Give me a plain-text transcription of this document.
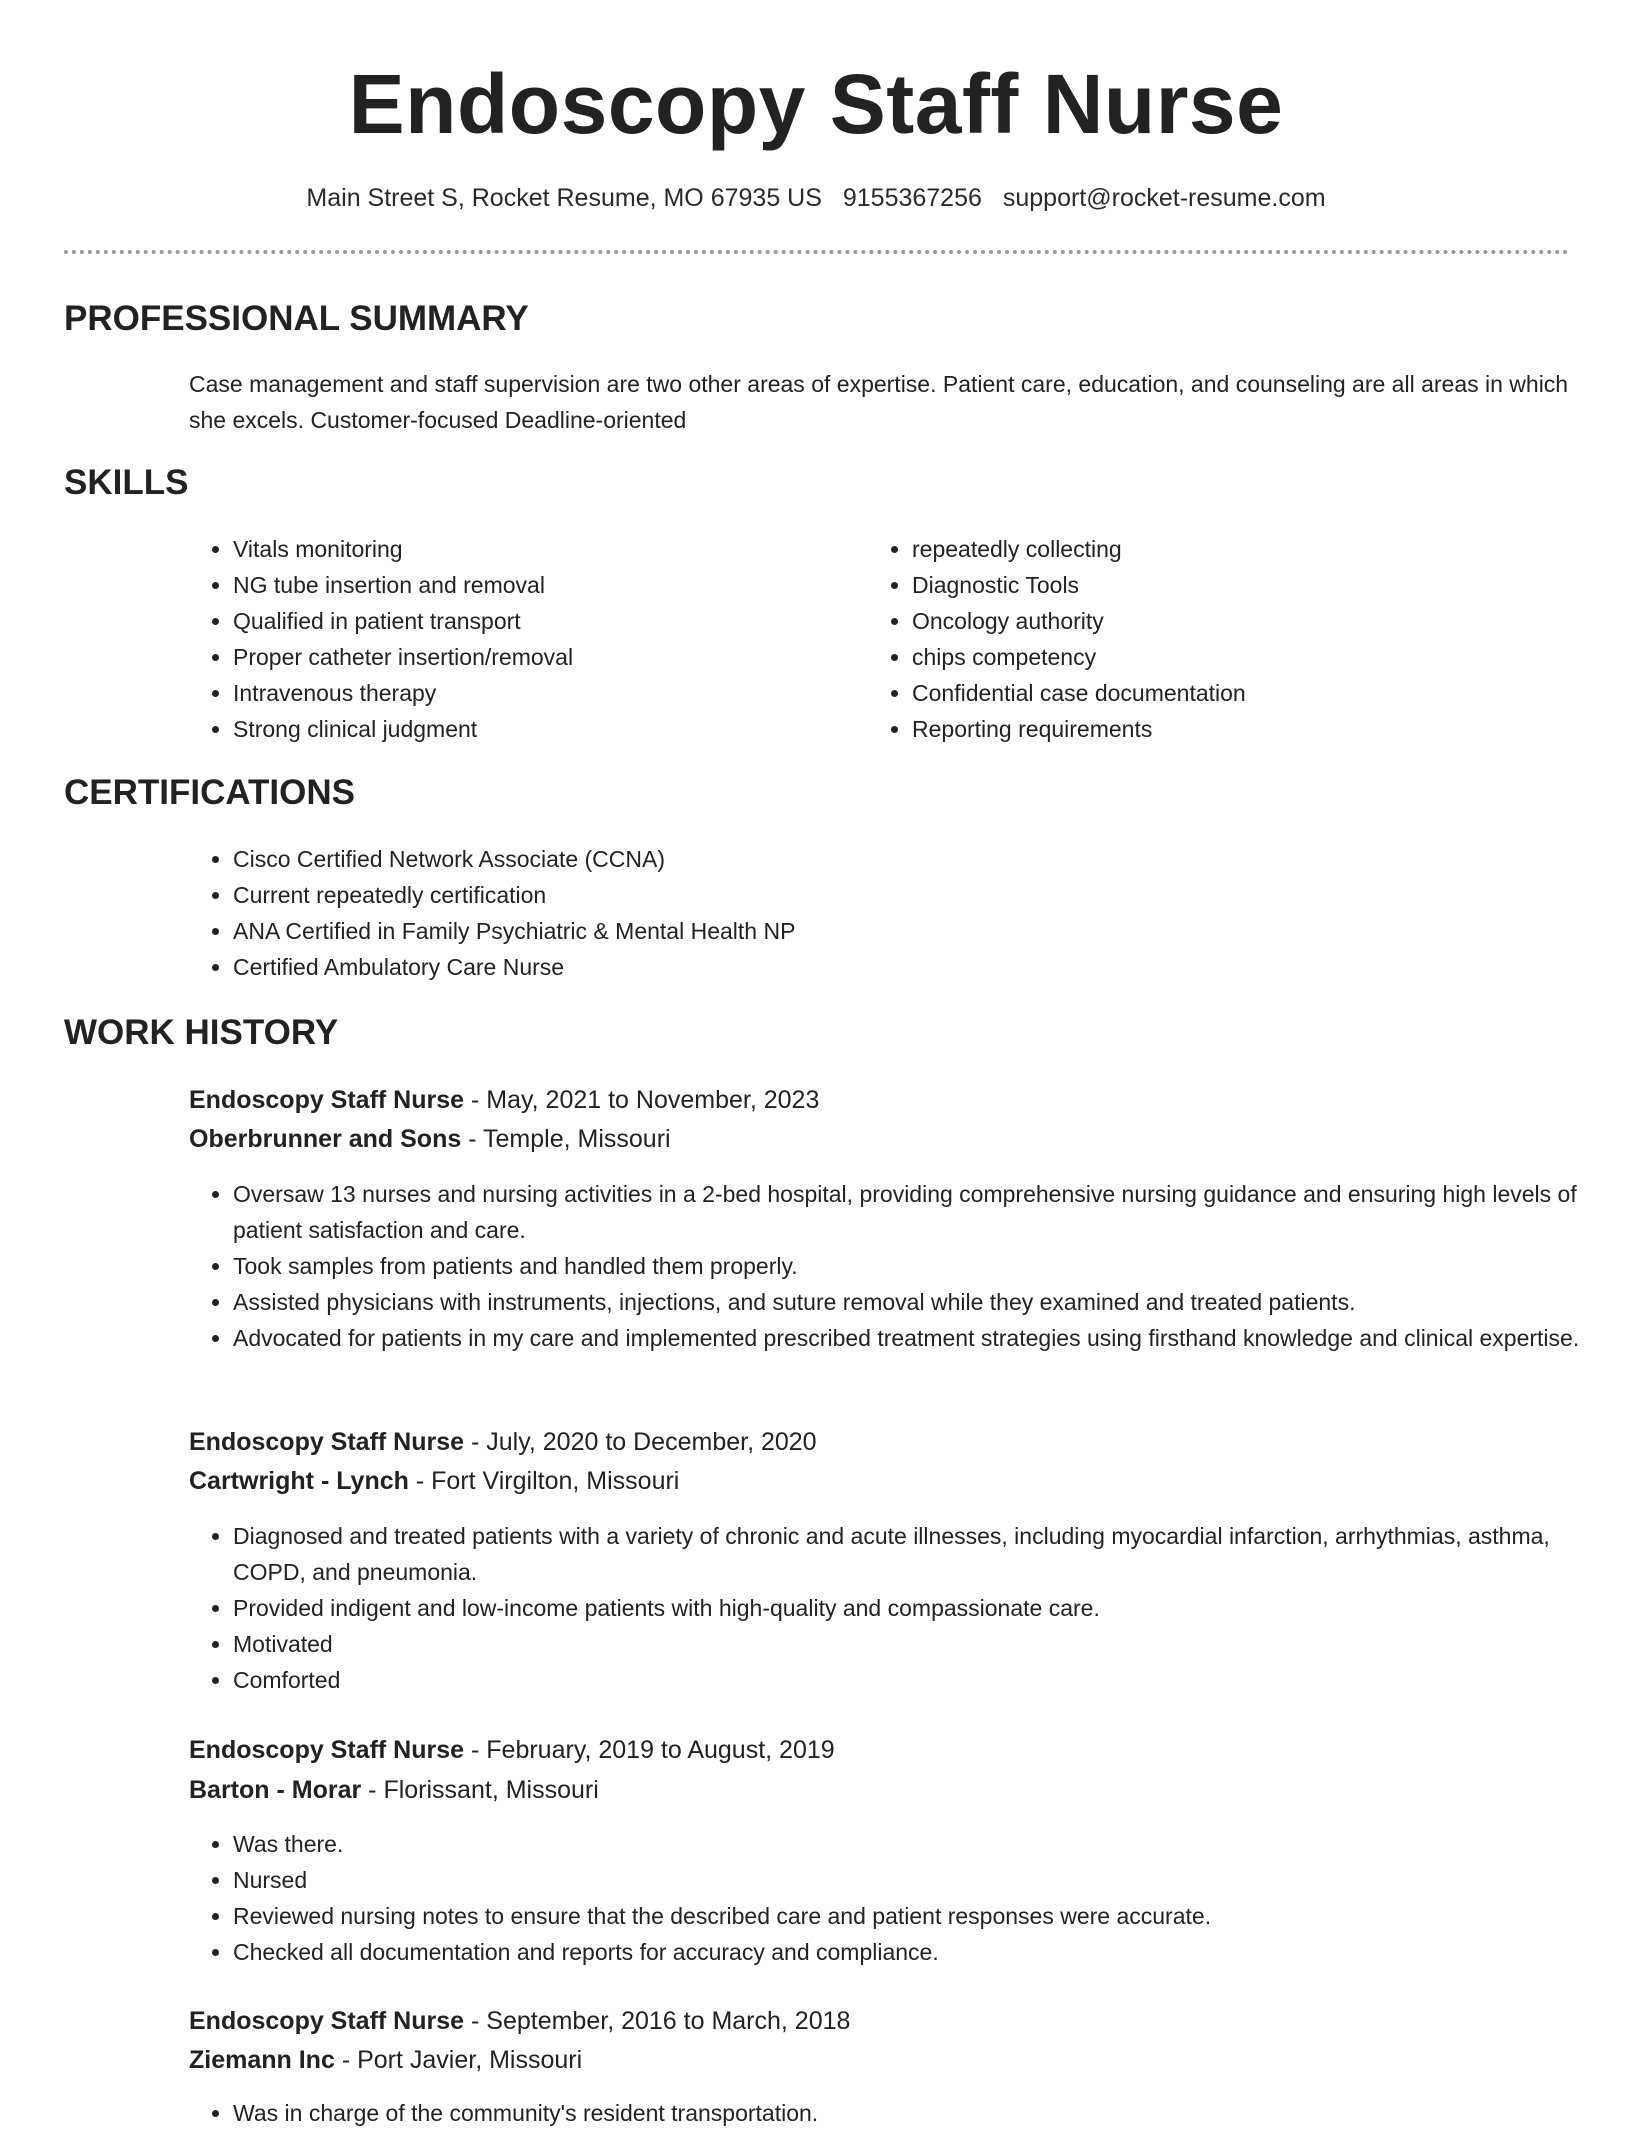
Endoscopy Staff Nurse
Main Street S, Rocket Resume, MO 67935 US 9155367256 support@rocket-resume.com
PROFESSIONAL SUMMARY
Case management and staff supervision are two other areas of expertise. Patient care, education, and counseling are all areas in which she excels. Customer-focused Deadline-oriented
SKILLS
• Vitals monitoring
• NG tube insertion and removal
• Qualified in patient transport
• Proper catheter insertion/removal
• Intravenous therapy
• Strong clinical judgment
• repeatedly collecting
• Diagnostic Tools
• Oncology authority
• chips competency
• Confidential case documentation
• Reporting requirements
CERTIFICATIONS
• Cisco Certified Network Associate (CCNA)
• Current repeatedly certification
• ANA Certified in Family Psychiatric & Mental Health NP
• Certified Ambulatory Care Nurse
WORK HISTORY
Endoscopy Staff Nurse - May, 2021 to November, 2023
Oberbrunner and Sons - Temple, Missouri
• Oversaw 13 nurses and nursing activities in a 2-bed hospital, providing comprehensive nursing guidance and ensuring high levels of patient satisfaction and care.
• Took samples from patients and handled them properly.
• Assisted physicians with instruments, injections, and suture removal while they examined and treated patients.
• Advocated for patients in my care and implemented prescribed treatment strategies using firsthand knowledge and clinical expertise.
Endoscopy Staff Nurse - July, 2020 to December, 2020
Cartwright - Lynch - Fort Virgilton, Missouri
• Diagnosed and treated patients with a variety of chronic and acute illnesses, including myocardial infarction, arrhythmias, asthma, COPD, and pneumonia.
• Provided indigent and low-income patients with high-quality and compassionate care.
• Motivated
• Comforted
Endoscopy Staff Nurse - February, 2019 to August, 2019
Barton - Morar - Florissant, Missouri
• Was there.
• Nursed
• Reviewed nursing notes to ensure that the described care and patient responses were accurate.
• Checked all documentation and reports for accuracy and compliance.
Endoscopy Staff Nurse - September, 2016 to March, 2018
Ziemann Inc - Port Javier, Missouri
• Was in charge of the community's resident transportation.
